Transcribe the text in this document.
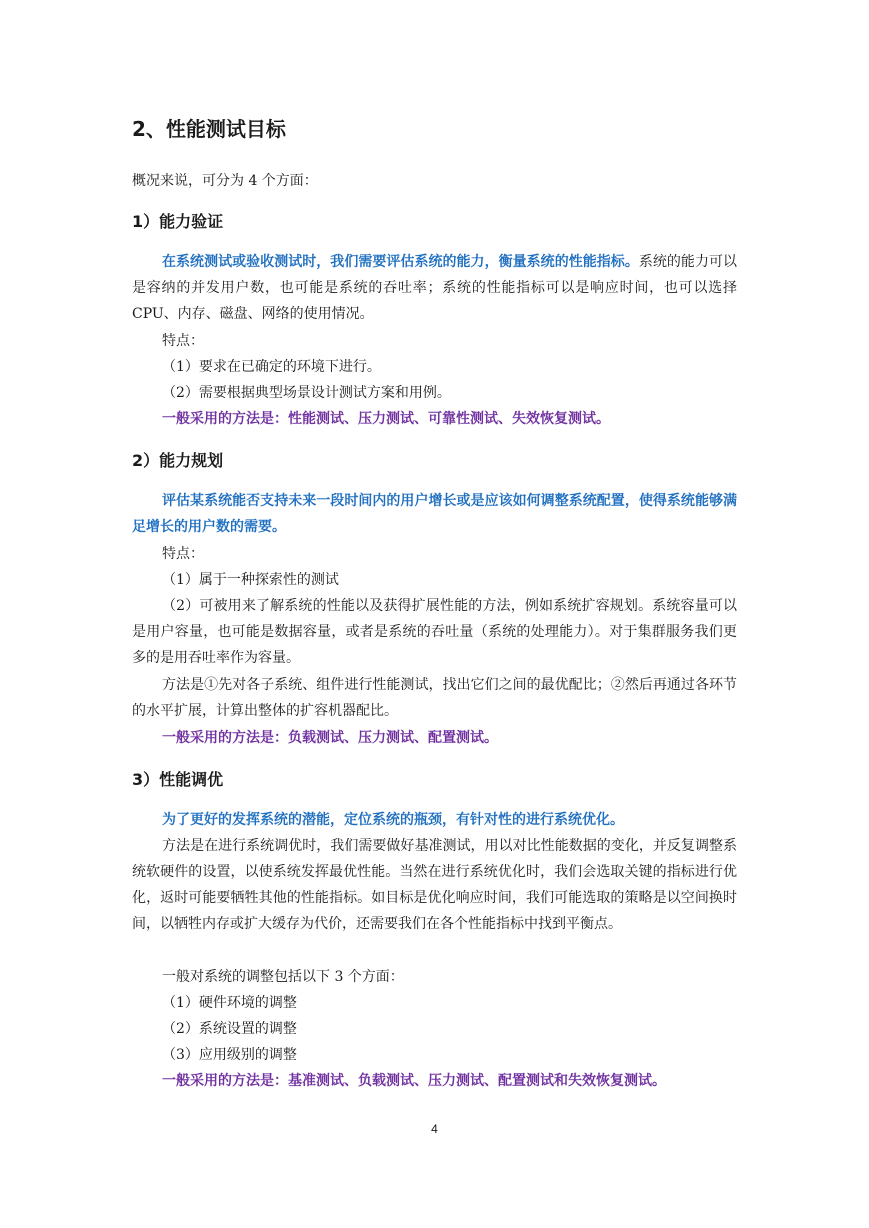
2、性能测试目标

概况来说，可分为 4 个方面：

1）能力验证

在系统测试或验收测试时，我们需要评估系统的能力，衡量系统的性能指标。系统的能力可以是容纳的并发用户数，也可能是系统的吞吐率；系统的性能指标可以是响应时间，也可以选择 CPU、内存、磁盘、网络的使用情况。

特点：

（1）要求在已确定的环境下进行。

（2）需要根据典型场景设计测试方案和用例。

一般采用的方法是：性能测试、压力测试、可靠性测试、失效恢复测试。

2）能力规划

评估某系统能否支持未来一段时间内的用户增长或是应该如何调整系统配置，使得系统能够满足增长的用户数的需要。

特点：

（1）属于一种探索性的测试

（2）可被用来了解系统的性能以及获得扩展性能的方法，例如系统扩容规划。系统容量可以是用户容量，也可能是数据容量，或者是系统的吞吐量（系统的处理能力）。对于集群服务我们更多的是用吞吐率作为容量。

方法是①先对各子系统、组件进行性能测试，找出它们之间的最优配比；②然后再通过各环节的水平扩展，计算出整体的扩容机器配比。

一般采用的方法是：负载测试、压力测试、配置测试。

3）性能调优

为了更好的发挥系统的潜能，定位系统的瓶颈，有针对性的进行系统优化。

方法是在进行系统调优时，我们需要做好基准测试，用以对比性能数据的变化，并反复调整系统软硬件的设置，以使系统发挥最优性能。当然在进行系统优化时，我们会选取关键的指标进行优化，返时可能要牺牲其他的性能指标。如目标是优化响应时间，我们可能选取的策略是以空间换时间，以牺牲内存或扩大缓存为代价，还需要我们在各个性能指标中找到平衡点。

一般对系统的调整包括以下 3 个方面：

（1）硬件环境的调整

（2）系统设置的调整

（3）应用级别的调整

一般采用的方法是：基准测试、负载测试、压力测试、配置测试和失效恢复测试。

4
